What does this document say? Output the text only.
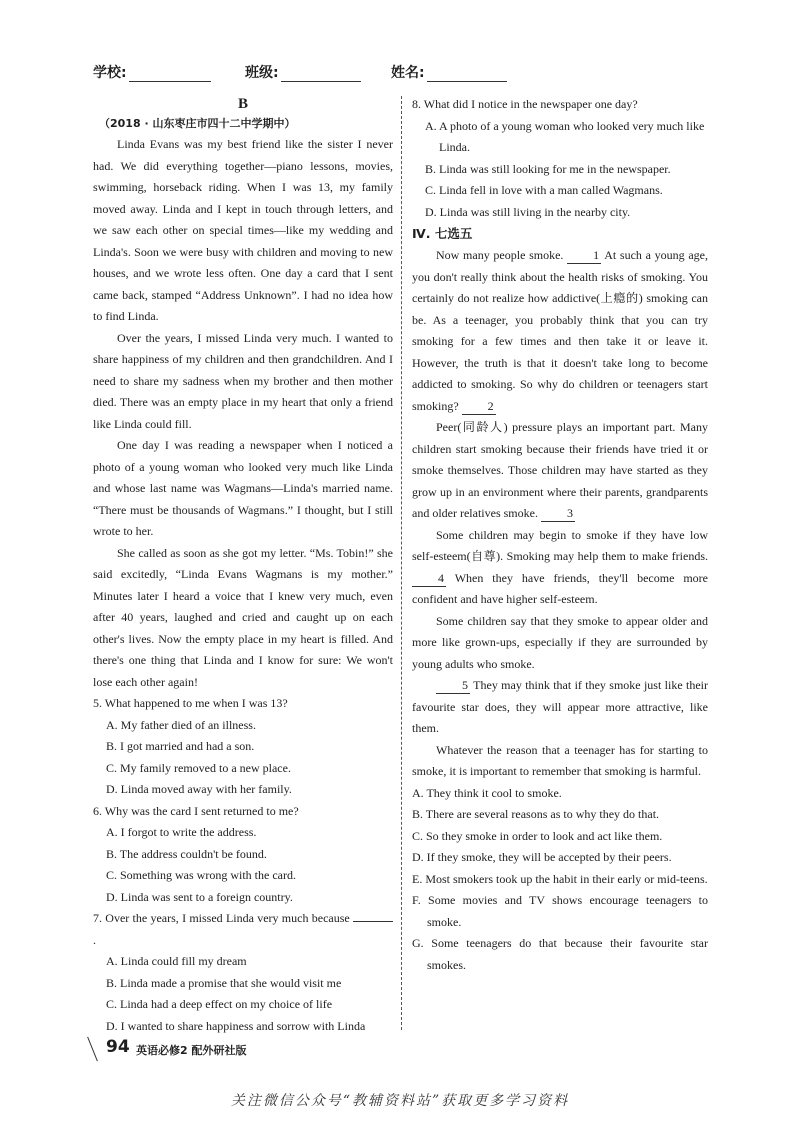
学校:	班级:	姓名:
B
（2018 · 山东枣庄市四十二中学期中）

Linda Evans was my best friend like the sister I never had. We did everything together—piano lessons, movies, swimming, horseback riding. When I was 13, my family moved away. Linda and I kept in touch through letters, and we saw each other on special times—like my wedding and Linda's. Soon we were busy with children and moving to new houses, and we wrote less often. One day a card that I sent came back, stamped “Address Unknown”. I had no idea how to find Linda.

Over the years, I missed Linda very much. I wanted to share happiness of my children and then grandchildren. And I need to share my sadness when my brother and then mother died. There was an empty place in my heart that only a friend like Linda could fill.

One day I was reading a newspaper when I noticed a photo of a young woman who looked very much like Linda and whose last name was Wagmans—Linda's married name. “There must be thousands of Wagmans.” I thought, but I still wrote to her.

She called as soon as she got my letter. “Ms. Tobin!” she said excitedly, “Linda Evans Wagmans is my mother.” Minutes later I heard a voice that I knew very much, even after 40 years, laughed and cried and caught up on each other's lives. Now the empty place in my heart is filled. And there's one thing that Linda and I know for sure: We won't lose each other again!

5. What happened to me when I was 13?

A. My father died of an illness.

B. I got married and had a son.

C. My family removed to a new place.

D. Linda moved away with her family.

6. Why was the card I sent returned to me?

A. I forgot to write the address.

B. The address couldn't be found.

C. Something was wrong with the card.

D. Linda was sent to a foreign country.

7. Over the years, I missed Linda very much because .

A. Linda could fill my dream

B. Linda made a promise that she would visit me

C. Linda had a deep effect on my choice of life

D. I wanted to share happiness and sorrow with Linda

8. What did I notice in the newspaper one day?

A. A photo of a young woman who looked very much like Linda.

B. Linda was still looking for me in the newspaper.

C. Linda fell in love with a man called Wagmans.

D. Linda was still living in the nearby city.

Ⅳ. 七选五

Now many people smoke. 1 At such a young age, you don't really think about the health risks of smoking. You certainly do not realize how addictive(上瘾的) smoking can be. As a teenager, you probably think that you can try smoking for a few times and then take it or leave it. However, the truth is that it doesn't take long to become addicted to smoking. So why do children or teenagers start smoking? 2

Peer(同龄人) pressure plays an important part. Many children start smoking because their friends have tried it or smoke themselves. Those children may have started as they grow up in an environment where their parents, grandparents and older relatives smoke. 3

Some children may begin to smoke if they have low self-esteem(自尊). Smoking may help them to make friends. 4 When they have friends, they'll become more confident and have higher self-esteem.

Some children say that they smoke to appear older and more like grown-ups, especially if they are surrounded by young adults who smoke.

5 They may think that if they smoke just like their favourite star does, they will appear more attractive, like them.

Whatever the reason that a teenager has for starting to smoke, it is important to remember that smoking is harmful.

A. They think it cool to smoke.

B. There are several reasons as to why they do that.

C. So they smoke in order to look and act like them.

D. If they smoke, they will be accepted by their peers.

E. Most smokers took up the habit in their early or mid-teens.

F. Some movies and TV shows encourage teenagers to smoke.

G. Some teenagers do that because their favourite star smokes.

94 英语必修2 配外研社版
关注微信公众号“教辅资料站”获取更多学习资料
